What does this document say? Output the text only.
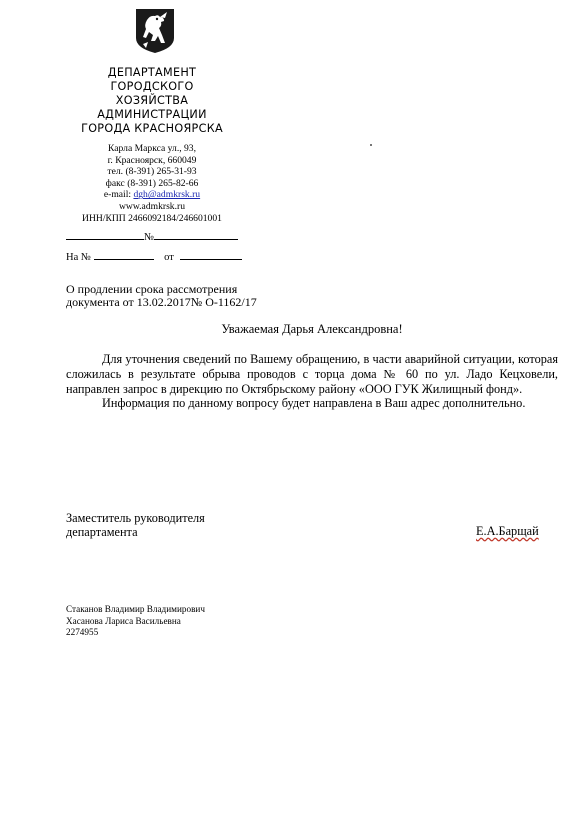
ДЕПАРТАМЕНТ
ГОРОДСКОГО
ХОЗЯЙСТВА
АДМИНИСТРАЦИИ
ГОРОДА КРАСНОЯРСКА
Карла Маркса ул., 93,
г. Красноярск, 660049
тел. (8-391) 265-31-93
факс (8-391) 265-82-66
e-mail: dgh@admkrsk.ru
www.admkrsk.ru
ИНН/КПП 2466092184/246601001
№
На №	от
О продлении срока рассмотрения
документа от 13.02.2017№ О-1162/17
Уважаемая Дарья Александровна!

Для уточнения сведений по Вашему обращению, в части аварийной ситуации, которая сложилась в результате обрыва проводов с торца дома № 60 по ул. Ладо Кецховели, направлен запрос в дирекцию по Октябрьскому району «ООО ГУК Жилищный фонд».

Информация по данному вопросу будет направлена в Ваш адрес дополнительно.

Заместитель руководителя
департамента	Е.А.Барщай
Стаканов Владимир Владимирович
Хасанова Лариса Васильевна
2274955
